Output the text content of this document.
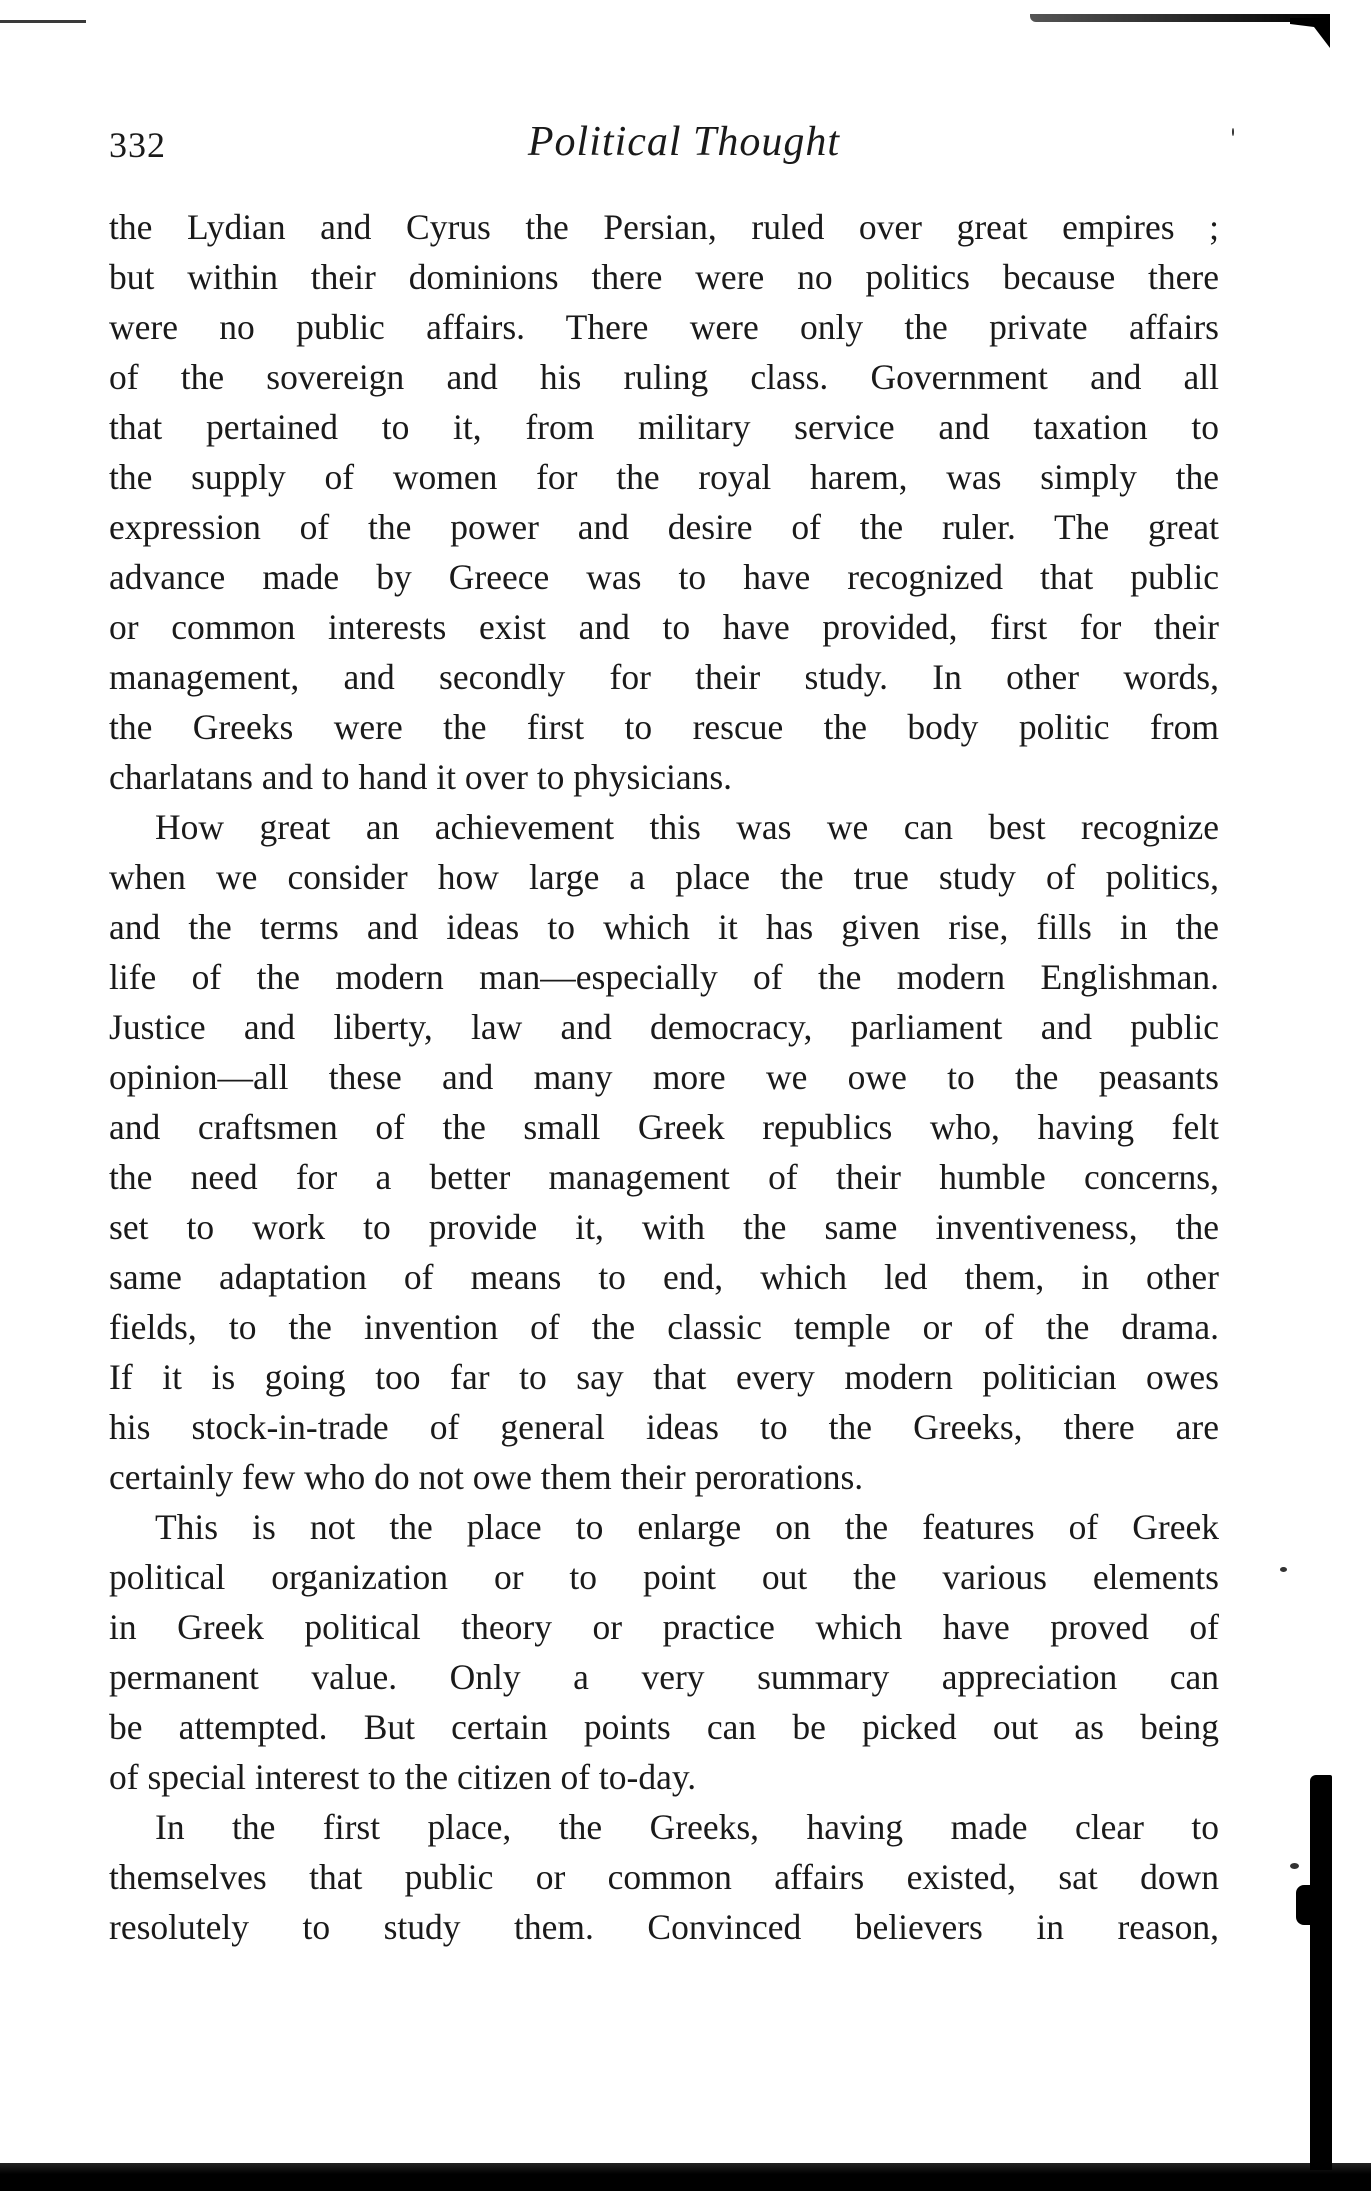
332	Political Thought
the Lydian and Cyrus the Persian, ruled over great empires ;
but within their dominions there were no politics because there
were no public affairs. There were only the private affairs
of the sovereign and his ruling class. Government and all
that pertained to it, from military service and taxation to
the supply of women for the royal harem, was simply the
expression of the power and desire of the ruler. The great
advance made by Greece was to have recognized that public
or common interests exist and to have provided, first for their
management, and secondly for their study. In other words,
the Greeks were the first to rescue the body politic from
charlatans and to hand it over to physicians.
How great an achievement this was we can best recognize
when we consider how large a place the true study of politics,
and the terms and ideas to which it has given rise, fills in the
life of the modern man—especially of the modern Englishman.
Justice and liberty, law and democracy, parliament and public
opinion—all these and many more we owe to the peasants
and craftsmen of the small Greek republics who, having felt
the need for a better management of their humble concerns,
set to work to provide it, with the same inventiveness, the
same adaptation of means to end, which led them, in other
fields, to the invention of the classic temple or of the drama.
If it is going too far to say that every modern politician owes
his stock-in-trade of general ideas to the Greeks, there are
certainly few who do not owe them their perorations.
This is not the place to enlarge on the features of Greek
political organization or to point out the various elements
in Greek political theory or practice which have proved of
permanent value. Only a very summary appreciation can
be attempted. But certain points can be picked out as being
of special interest to the citizen of to-day.
In the first place, the Greeks, having made clear to
themselves that public or common affairs existed, sat down
resolutely to study them. Convinced believers in reason,
